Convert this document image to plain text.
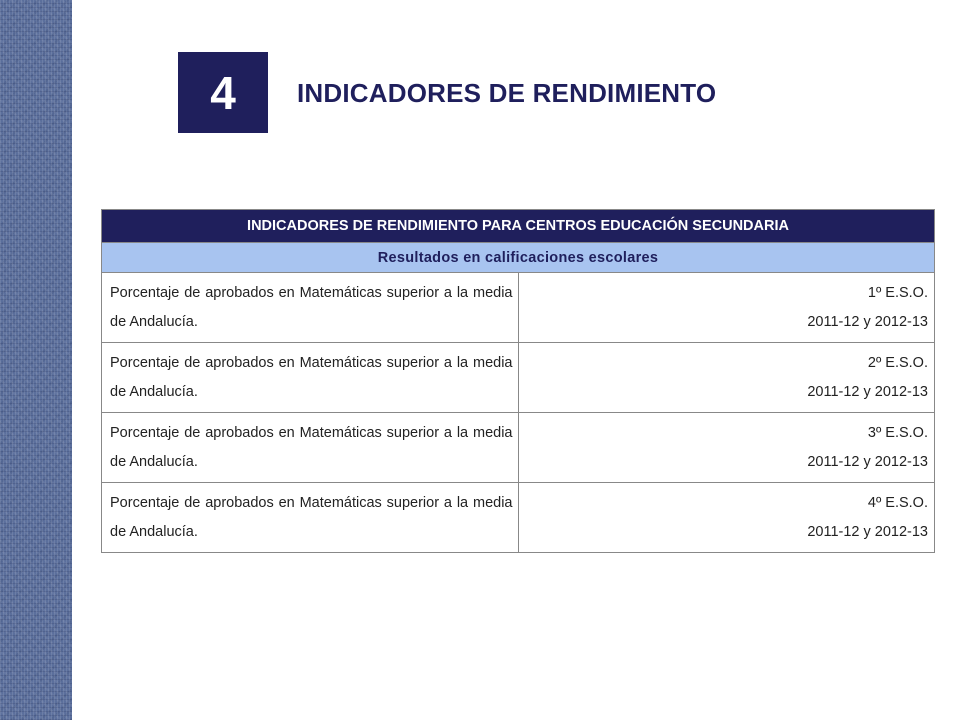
4 INDICADORES DE RENDIMIENTO
INDICADORES DE RENDIMIENTO PARA CENTROS EDUCACIÓN SECUNDARIA	
Resultados en calificaciones escolares	
Porcentaje de aprobados en Matemáticas superior a la media de Andalucía.	1º E.S.O.
2011-12 y 2012-13

Porcentaje de aprobados en Matemáticas superior a la media de Andalucía.	2º E.S.O.
2011-12 y 2012-13

Porcentaje de aprobados en Matemáticas superior a la media de Andalucía.	3º E.S.O.
2011-12 y 2012-13

Porcentaje de aprobados en Matemáticas superior a la media de Andalucía.	4º E.S.O.
2011-12 y 2012-13
